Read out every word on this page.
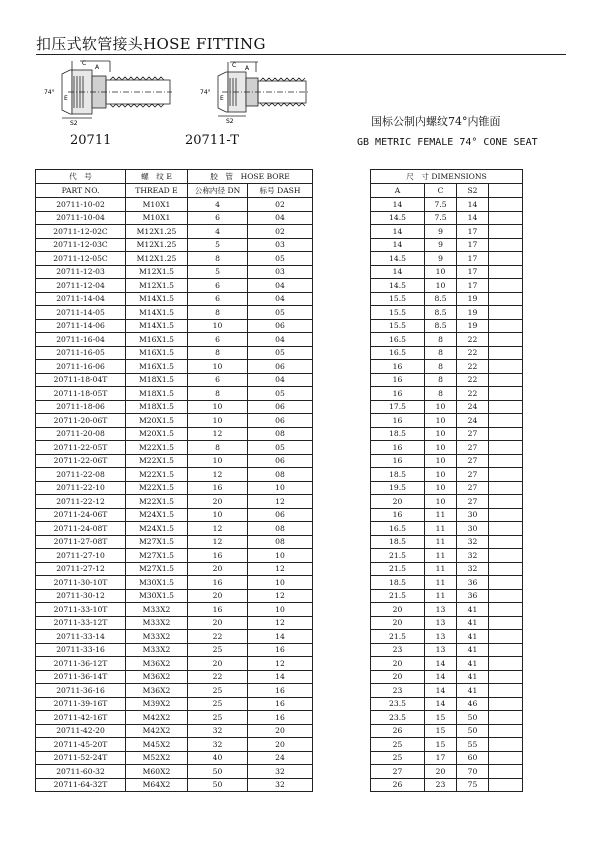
扣压式软管接头HOSE FITTING
C
A
74°
E
S2
C A
74°
E
S2
20711	20711-T
国标公制内螺纹74°内锥面
GB METRIC FEMALE 74° CONE SEAT
代　号	螺　纹 E	胶　管　HOSE BORE			尺　寸 DIMENSIONS			
PART NO.	THREAD E	公称内径 DN	标号 DASH		A	C	S2	
20711-10-02	M10X1	4	02		14	7.5	14	
20711-10-04	M10X1	6	04		14.5	7.5	14	
20711-12-02C	M12X1.25	4	02		14	9	17	
20711-12-03C	M12X1.25	5	03		14	9	17	
20711-12-05C	M12X1.25	8	05		14.5	9	17	
20711-12-03	M12X1.5	5	03		14	10	17	
20711-12-04	M12X1.5	6	04		14.5	10	17	
20711-14-04	M14X1.5	6	04		15.5	8.5	19	
20711-14-05	M14X1.5	8	05		15.5	8.5	19	
20711-14-06	M14X1.5	10	06		15.5	8.5	19	
20711-16-04	M16X1.5	6	04		16.5	8	22	
20711-16-05	M16X1.5	8	05		16.5	8	22	
20711-16-06	M16X1.5	10	06		16	8	22	
20711-18-04T	M18X1.5	6	04		16	8	22	
20711-18-05T	M18X1.5	8	05		16	8	22	
20711-18-06	M18X1.5	10	06		17.5	10	24	
20711-20-06T	M20X1.5	10	06		16	10	24	
20711-20-08	M20X1.5	12	08		18.5	10	27	
20711-22-05T	M22X1.5	8	05		16	10	27	
20711-22-06T	M22X1.5	10	06		16	10	27	
20711-22-08	M22X1.5	12	08		18.5	10	27	
20711-22-10	M22X1.5	16	10		19.5	10	27	
20711-22-12	M22X1.5	20	12		20	10	27	
20711-24-06T	M24X1.5	10	06		16	11	30	
20711-24-08T	M24X1.5	12	08		16.5	11	30	
20711-27-08T	M27X1.5	12	08		18.5	11	32	
20711-27-10	M27X1.5	16	10		21.5	11	32	
20711-27-12	M27X1.5	20	12		21.5	11	32	
20711-30-10T	M30X1.5	16	10		18.5	11	36	
20711-30-12	M30X1.5	20	12		21.5	11	36	
20711-33-10T	M33X2	16	10		20	13	41	
20711-33-12T	M33X2	20	12		20	13	41	
20711-33-14	M33X2	22	14		21.5	13	41	
20711-33-16	M33X2	25	16		23	13	41	
20711-36-12T	M36X2	20	12		20	14	41	
20711-36-14T	M36X2	22	14		20	14	41	
20711-36-16	M36X2	25	16		23	14	41	
20711-39-16T	M39X2	25	16		23.5	14	46	
20711-42-16T	M42X2	25	16		23.5	15	50	
20711-42-20	M42X2	32	20		26	15	50	
20711-45-20T	M45X2	32	20		25	15	55	
20711-52-24T	M52X2	40	24		25	17	60	
20711-60-32	M60X2	50	32		27	20	70	
20711-64-32T	M64X2	50	32		26	23	75	
